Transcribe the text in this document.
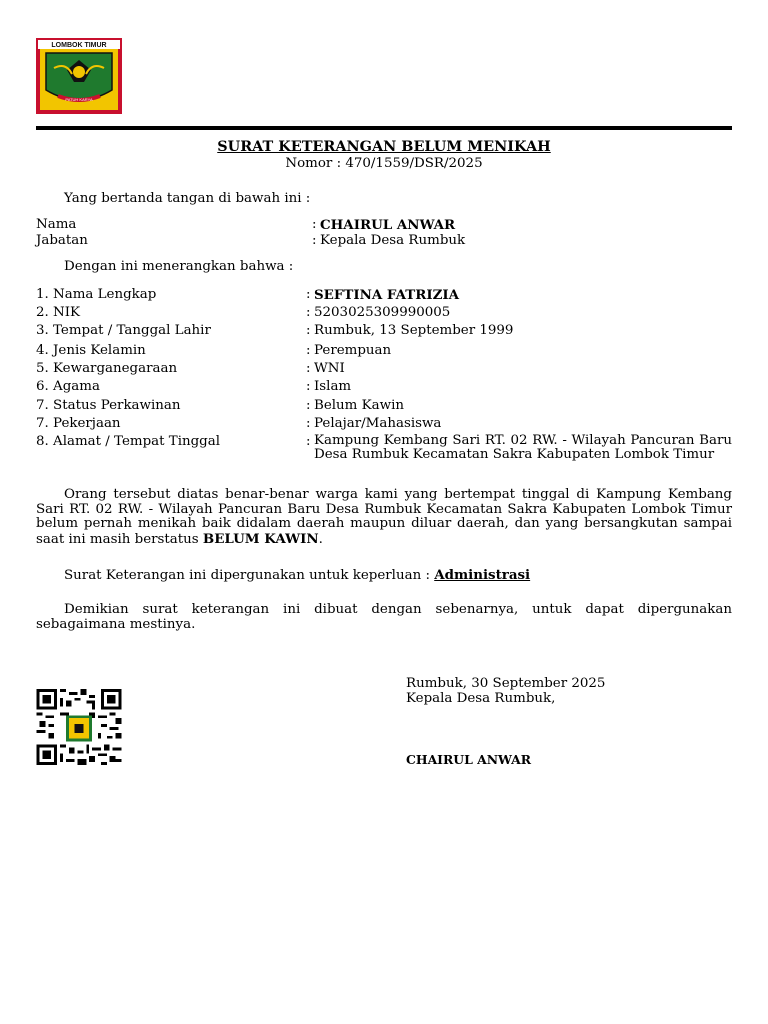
LOMBOK TIMUR
PATUH KARYA
SURAT KETERANGAN BELUM MENIKAH
Nomor : 470/1559/DSR/2025
Yang bertanda tangan di bawah ini :
Nama	: CHAIRUL ANWAR
Jabatan	: Kepala Desa Rumbuk
Dengan ini menerangkan bahwa :
1. Nama Lengkap	: SEFTINA FATRIZIA
2. NIK	: 5203025309990005
3. Tempat / Tanggal Lahir	: Rumbuk, 13 September 1999
4. Jenis Kelamin	: Perempuan
5. Kewarganegaraan	: WNI
6. Agama	: Islam
7. Status Perkawinan	: Belum Kawin
7. Pekerjaan	: Pelajar/Mahasiswa
8. Alamat / Tempat Tinggal	: Kampung Kembang Sari RT. 02 RW. - Wilayah Pancuran Baru Desa Rumbuk Kecamatan Sakra Kabupaten Lombok Timur
Orang tersebut diatas benar-benar warga kami yang bertempat tinggal di Kampung Kembang Sari RT. 02 RW. - Wilayah Pancuran Baru Desa Rumbuk Kecamatan Sakra Kabupaten Lombok Timur belum pernah menikah baik didalam daerah maupun diluar daerah, dan yang bersangkutan sampai saat ini masih berstatus BELUM KAWIN.
Surat Keterangan ini dipergunakan untuk keperluan : Administrasi
Demikian surat keterangan ini dibuat dengan sebenarnya, untuk dapat dipergunakan sebagaimana mestinya.
Rumbuk, 30 September 2025
Kepala Desa Rumbuk,
CHAIRUL ANWAR
